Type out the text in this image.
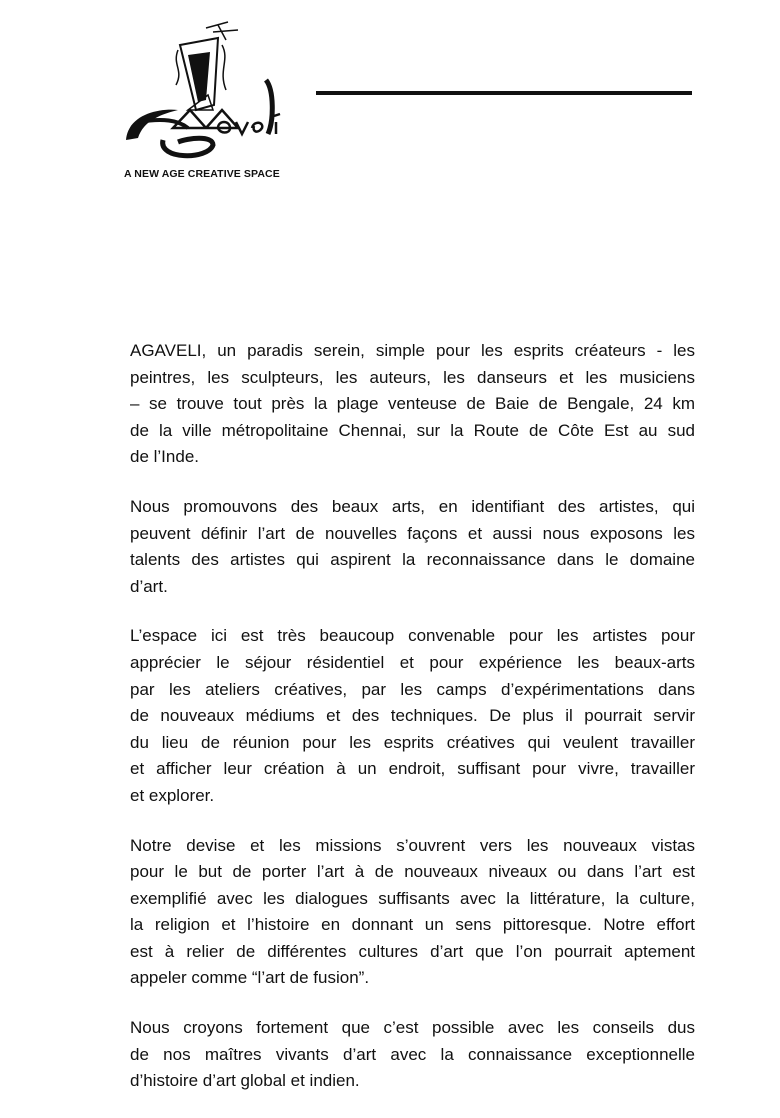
A NEW AGE CREATIVE SPACE

AGAVELI, un paradis serein, simple pour les esprits créateurs - les
peintres, les sculpteurs, les auteurs, les danseurs et les musiciens
– se trouve tout près la plage venteuse de Baie de Bengale, 24 km
de la ville métropolitaine Chennai, sur la Route de Côte Est au sud
de l’Inde.

Nous promouvons des beaux arts, en identifiant des artistes, qui
peuvent définir l’art de nouvelles façons et aussi nous exposons les
talents des artistes qui aspirent la reconnaissance dans le domaine
d’art.

L’espace ici est très beaucoup convenable pour les artistes pour
apprécier le séjour résidentiel et pour expérience les beaux-arts
par les ateliers créatives, par les camps d’expérimentations dans
de nouveaux médiums et des techniques. De plus il pourrait servir
du lieu de réunion pour les esprits créatives qui veulent travailler
et afficher leur création à un endroit, suffisant pour vivre, travailler
et explorer.

Notre devise et les missions s’ouvrent vers les nouveaux vistas
pour le but de porter l’art à de nouveaux niveaux ou dans l’art est
exemplifié avec les dialogues suffisants avec la littérature, la culture,
la religion et l’histoire en donnant un sens pittoresque. Notre effort
est à relier de différentes cultures d’art que l’on pourrait aptement
appeler comme “l’art de fusion”.

Nous croyons fortement que c’est possible avec les conseils dus
de nos maîtres vivants d’art avec la connaissance exceptionnelle
d’histoire d’art global et indien.
